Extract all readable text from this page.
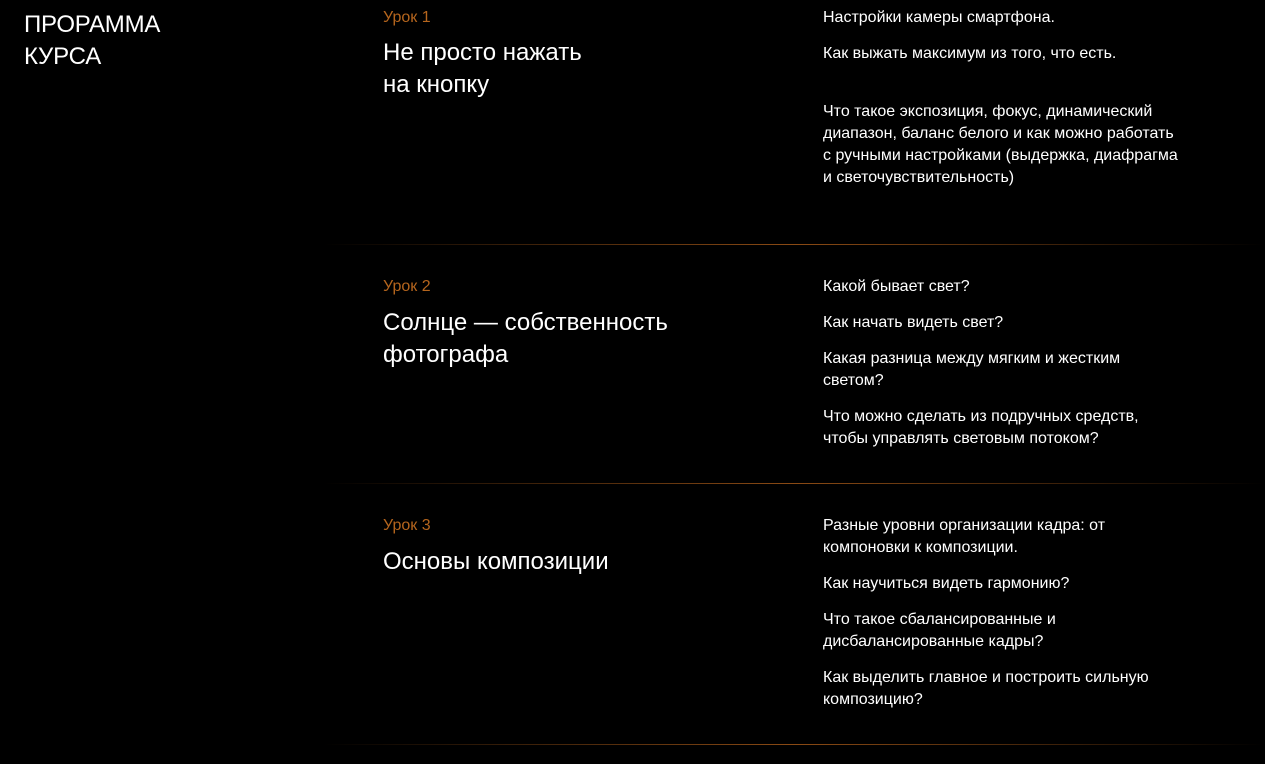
ПРОРАММА
КУРСА
Урок 1
Не просто нажать
на кнопку
Настройки камеры смартфона.
Как выжать максимум из того, что есть.
Что такое экспозиция, фокус, динамический
диапазон, баланс белого и как можно работать
с ручными настройками (выдержка, диафрагма
и светочувствительность)
Урок 2
Солнце — собственность
фотографа
Какой бывает свет?
Как начать видеть свет?
Какая разница между мягким и жестким
светом?
Что можно сделать из подручных средств,
чтобы управлять световым потоком?
Урок 3
Основы композиции
Разные уровни организации кадра: от
компоновки к композиции.
Как научиться видеть гармонию?
Что такое сбалансированные и
дисбалансированные кадры?
Как выделить главное и построить сильную
композицию?
